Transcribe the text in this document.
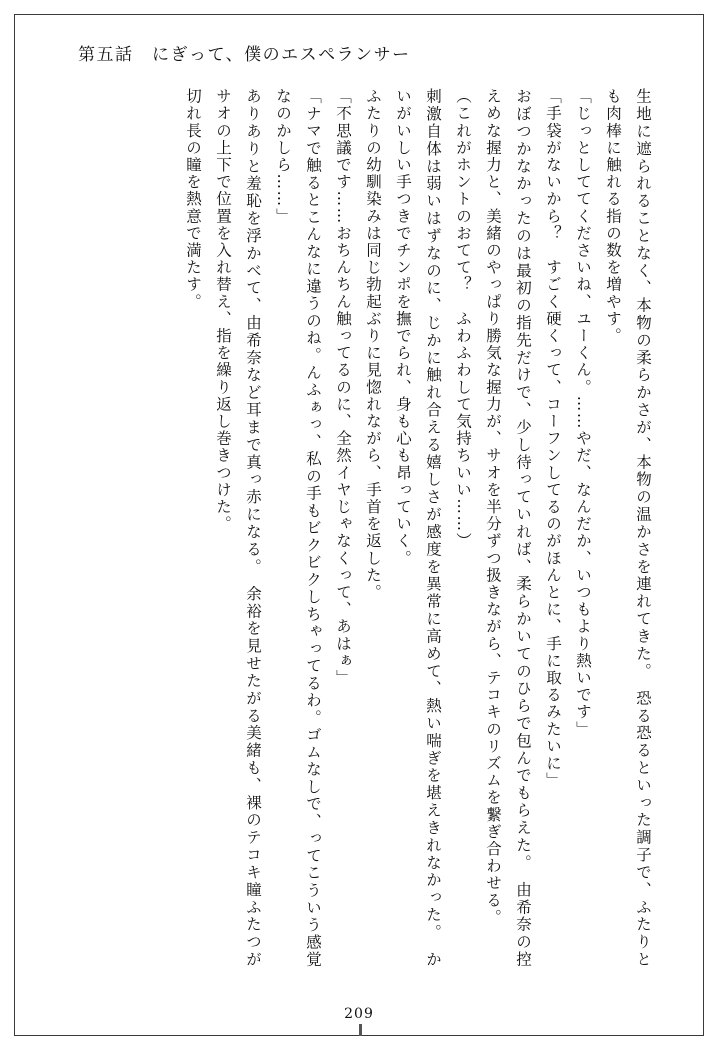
第五話　にぎって、僕のエスペランサー

生地に遮られることなく、本物の柔らかさが、本物の温かさを連れてきた。　恐る恐るといった調子で、ふたりとも肉棒に触れる指の数を増やす。

「じっとしててくださいね、ユーくん。……やだ、なんだか、いつもより熱いです」

「手袋がないから？　すごく硬くって、コーフンしてるのがほんとに、手に取るみたいに」

おぼつかなかったのは最初の指先だけで、少し待っていれば、柔らかいてのひらで包んでもらえた。　由希奈の控えめな握力と、美緒のやっぱり勝気な握力が、サオを半分ずつ扱きながら、テコキのリズムを繋ぎ合わせる。

（これがホントのおてて？　ふわふわして気持ちいい……）

刺激自体は弱いはずなのに、じかに触れ合える嬉しさが感度を異常に高めて、熱い喘ぎを堪えきれなかった。　かいがいしい手つきでチンポを撫でられ、身も心も昂っていく。

ふたりの幼馴染みは同じ勃起ぶりに見惚れながら、手首を返した。

「不思議です……おちんちん触ってるのに、全然イヤじゃなくって、あはぁ」

「ナマで触るとこんなに違うのね。んふぁっ、私の手もビクビクしちゃってるわ。ゴムなしで、ってこういう感覚なのかしら……」

ありありと羞恥を浮かべて、由希奈など耳まで真っ赤になる。　余裕を見せたがる美緒も、裸のテコキ瞳ふたつがサオの上下で位置を入れ替え、指を繰り返し巻きつけた。

切れ長の瞳を熱意で満たす。

209
